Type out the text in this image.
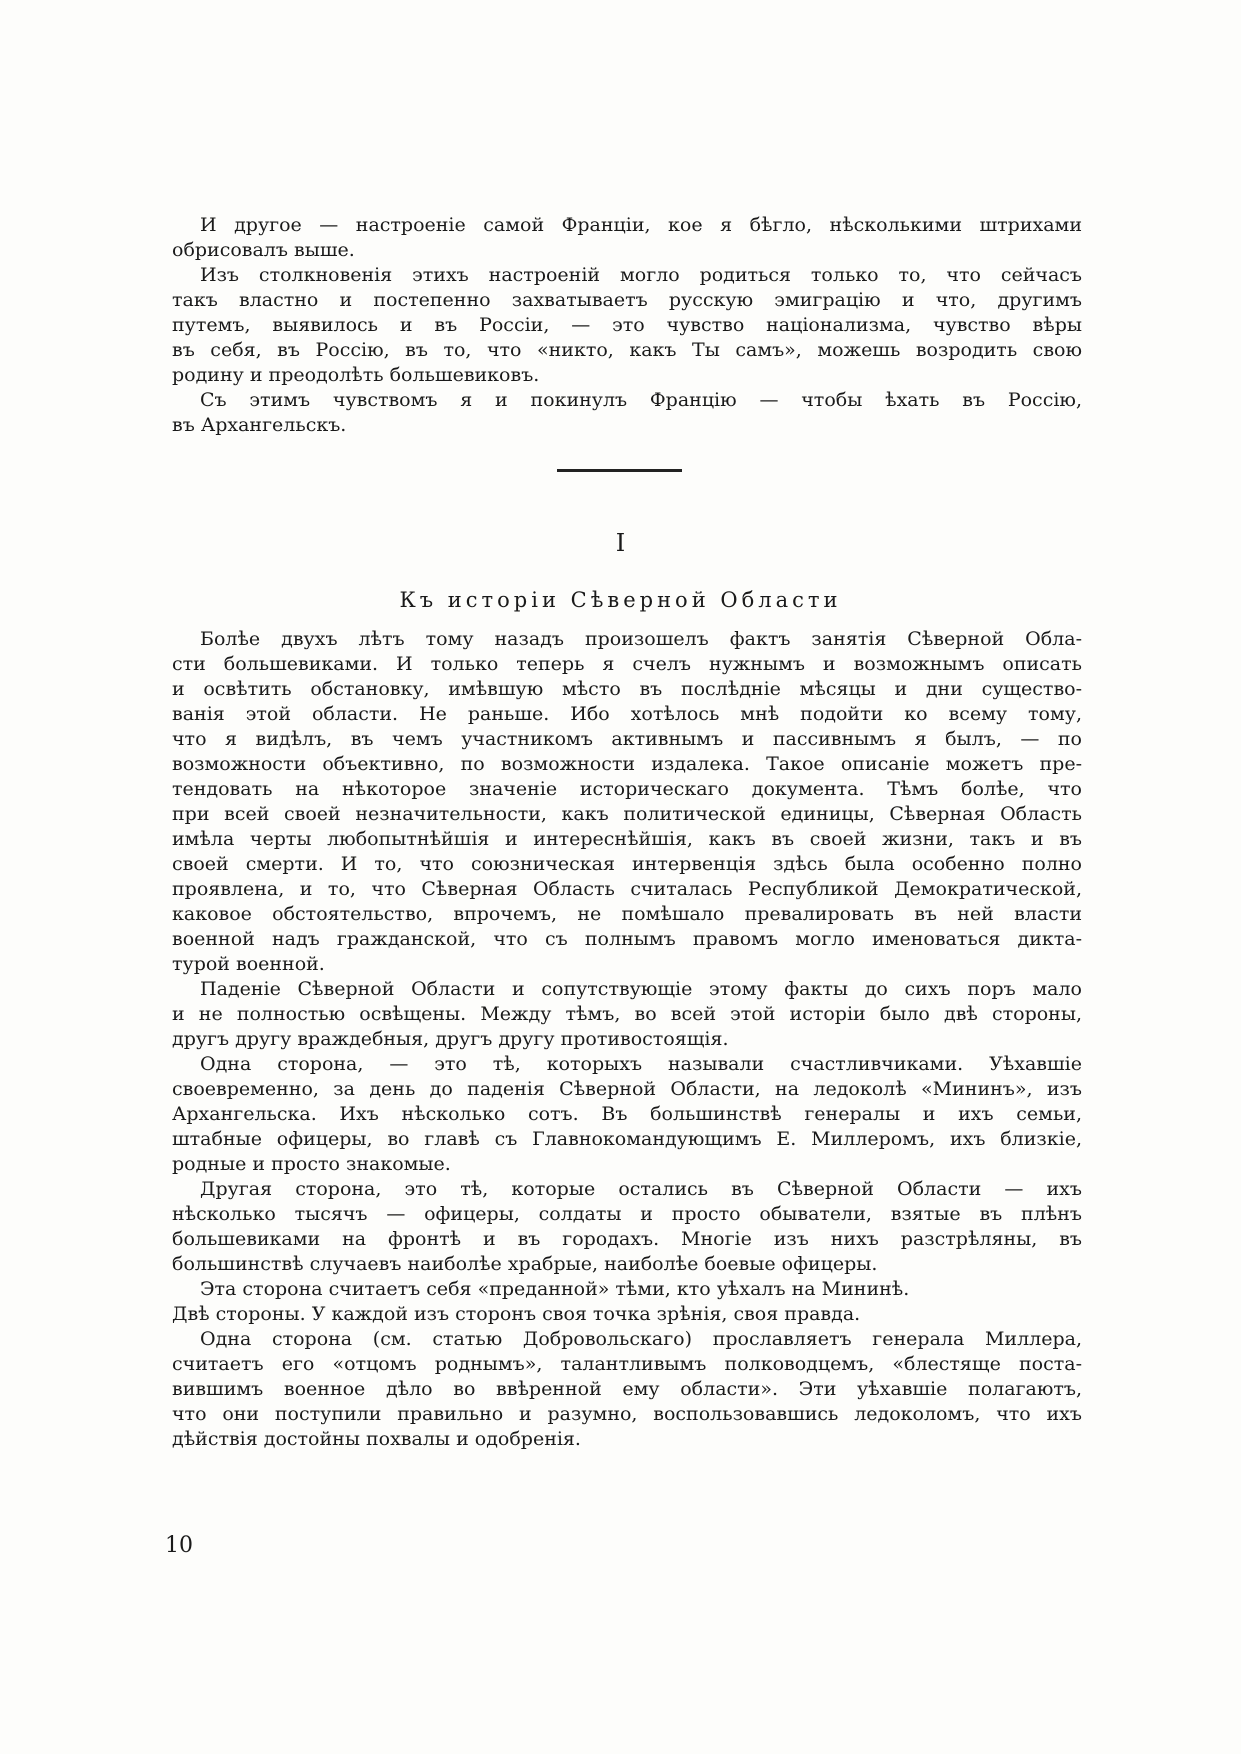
И другое — настроеніе самой Франціи, кое я бѣгло, нѣсколькими штрихами
обрисовалъ выше.
Изъ столкновенія этихъ настроеній могло родиться только то, что сейчасъ
такъ властно и постепенно захватываетъ русскую эмиграцію и что, другимъ
путемъ, выявилось и въ Россіи, — это чувство націонализма, чувство вѣры
въ себя, въ Россію, въ то, что «никто, какъ Ты самъ», можешь возродить свою
родину и преодолѣть большевиковъ.
Съ этимъ чувствомъ я и покинулъ Францію — чтобы ѣхать въ Россію,
въ Архангельскъ.
I
Къ исторіи Сѣверной Области
Болѣе двухъ лѣтъ тому назадъ произошелъ фактъ занятія Сѣверной Обла-
сти большевиками. И только теперь я счелъ нужнымъ и возможнымъ описать
и освѣтить обстановку, имѣвшую мѣсто въ послѣдніе мѣсяцы и дни существо-
ванія этой области. Не раньше. Ибо хотѣлось мнѣ подойти ко всему тому,
что я видѣлъ, въ чемъ участникомъ активнымъ и пассивнымъ я былъ, — по
возможности объективно, по возможности издалека. Такое описаніе можетъ пре-
тендовать на нѣкоторое значеніе историческаго документа. Тѣмъ болѣе, что
при всей своей незначительности, какъ политической единицы, Сѣверная Область
имѣла черты любопытнѣйшія и интереснѣйшія, какъ въ своей жизни, такъ и въ
своей смерти. И то, что союзническая интервенція здѣсь была особенно полно
проявлена, и то, что Сѣверная Область считалась Республикой Демократической,
каковое обстоятельство, впрочемъ, не помѣшало превалировать въ ней власти
военной надъ гражданской, что съ полнымъ правомъ могло именоваться дикта-
турой военной.
Паденіе Сѣверной Области и сопутствующіе этому факты до сихъ поръ мало
и не полностью освѣщены. Между тѣмъ, во всей этой исторіи было двѣ стороны,
другъ другу враждебныя, другъ другу противостоящія.
Одна сторона, — это тѣ, которыхъ называли счастливчиками. Уѣхавшіе
своевременно, за день до паденія Сѣверной Области, на ледоколѣ «Мининъ», изъ
Архангельска. Ихъ нѣсколько сотъ. Въ большинствѣ генералы и ихъ семьи,
штабные офицеры, во главѣ съ Главнокомандующимъ Е. Миллеромъ, ихъ близкіе,
родные и просто знакомые.
Другая сторона, это тѣ, которые остались въ Сѣверной Области — ихъ
нѣсколько тысячъ — офицеры, солдаты и просто обыватели, взятые въ плѣнъ
большевиками на фронтѣ и въ городахъ. Многіе изъ нихъ разстрѣляны, въ
большинствѣ случаевъ наиболѣе храбрые, наиболѣе боевые офицеры.
Эта сторона считаетъ себя «преданной» тѣми, кто уѣхалъ на Мининѣ.
Двѣ стороны. У каждой изъ сторонъ своя точка зрѣнія, своя правда.
Одна сторона (см. статью Добровольскаго) прославляетъ генерала Миллера,
считаетъ его «отцомъ роднымъ», талантливымъ полководцемъ, «блестяще поста-
вившимъ военное дѣло во ввѣренной ему области». Эти уѣхавшіе полагаютъ,
что они поступили правильно и разумно, воспользовавшись ледоколомъ, что ихъ
дѣйствія достойны похвалы и одобренія.
10
